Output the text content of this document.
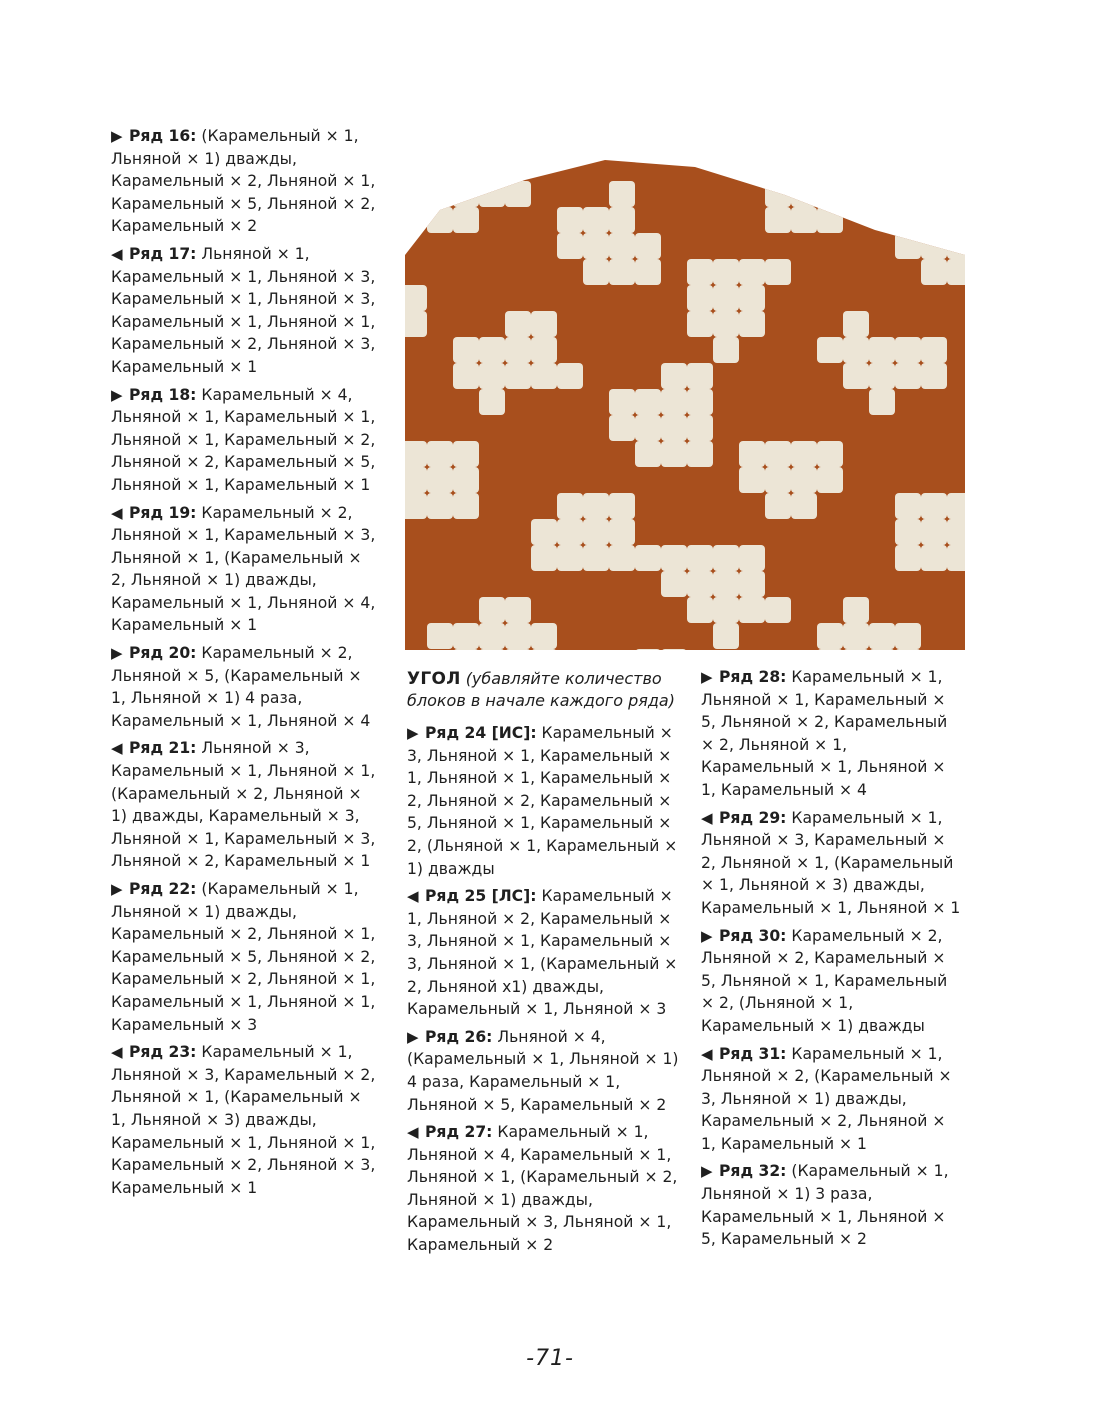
▶ Ряд 16: (Карамельный × 1, Льняной × 1) дважды, Карамельный × 2, Льняной × 1, Карамельный × 5, Льняной × 2, Карамельный × 2
◀ Ряд 17: Льняной × 1, Карамельный × 1, Льняной × 3, Карамельный × 1, Льняной × 3, Карамельный × 1, Льняной × 1, Карамельный × 2, Льняной × 3, Карамельный × 1
▶ Ряд 18: Карамельный × 4, Льняной × 1, Карамельный × 1, Льняной × 1, Карамельный × 2, Льняной × 2, Карамельный × 5, Льняной × 1, Карамельный × 1
◀ Ряд 19: Карамельный × 2, Льняной × 1, Карамельный × 3, Льняной × 1, (Карамельный × 2, Льняной × 1) дважды, Карамельный × 1, Льняной × 4, Карамельный × 1
▶ Ряд 20: Карамельный × 2, Льняной × 5, (Карамельный × 1, Льняной × 1) 4 раза, Карамельный × 1, Льняной × 4
◀ Ряд 21: Льняной × 3, Карамельный × 1, Льняной × 1, (Карамельный × 2, Льняной × 1) дважды, Карамельный × 3, Льняной × 1, Карамельный × 3, Льняной × 2, Карамельный × 1
▶ Ряд 22: (Карамельный × 1, Льняной × 1) дважды, Карамельный × 2, Льняной × 1, Карамельный × 5, Льняной × 2, Карамельный × 2, Льняной × 1, Карамельный × 1, Льняной × 1, Карамельный × 3
◀ Ряд 23: Карамельный × 1, Льняной × 3, Карамельный × 2, Льняной × 1, (Карамельный × 1, Льняной × 3) дважды, Карамельный × 1, Льняной × 1, Карамельный × 2, Льняной × 3, Карамельный × 1
УГОЛ (убавляйте количество блоков в начале каждого ряда)
▶ Ряд 24 [ИС]: Карамельный × 3, Льняной × 1, Карамельный × 1, Льняной × 1, Карамельный × 2, Льняной × 2, Карамельный × 5, Льняной × 1, Карамельный × 2, (Льняной × 1, Карамельный × 1) дважды
◀ Ряд 25 [ЛС]: Карамельный × 1, Льняной × 2, Карамельный × 3, Льняной × 1, Карамельный × 3, Льняной × 1, (Карамельный × 2, Льняной х1) дважды, Карамельный × 1, Льняной × 3
▶ Ряд 26: Льняной × 4, (Карамельный × 1, Льняной × 1) 4 раза, Карамельный × 1, Льняной × 5, Карамельный × 2
◀ Ряд 27: Карамельный × 1, Льняной × 4, Карамельный × 1, Льняной × 1, (Карамельный × 2, Льняной × 1) дважды, Карамельный × 3, Льняной × 1, Карамельный × 2
▶ Ряд 28: Карамельный × 1, Льняной × 1, Карамельный × 5, Льняной × 2, Карамельный × 2, Льняной × 1, Карамельный × 1, Льняной × 1, Карамельный × 4
◀ Ряд 29: Карамельный × 1, Льняной × 3, Карамельный × 2, Льняной × 1, (Карамельный × 1, Льняной × 3) дважды, Карамельный × 1, Льняной × 1
▶ Ряд 30: Карамельный × 2, Льняной × 2, Карамельный × 5, Льняной × 1, Карамельный × 2, (Льняной × 1, Карамельный × 1) дважды
◀ Ряд 31: Карамельный × 1, Льняной × 2, (Карамельный × 3, Льняной × 1) дважды, Карамельный × 2, Льняной × 1, Карамельный × 1
▶ Ряд 32: (Карамельный × 1, Льняной × 1) 3 раза, Карамельный × 1, Льняной × 5, Карамельный × 2
-71-
